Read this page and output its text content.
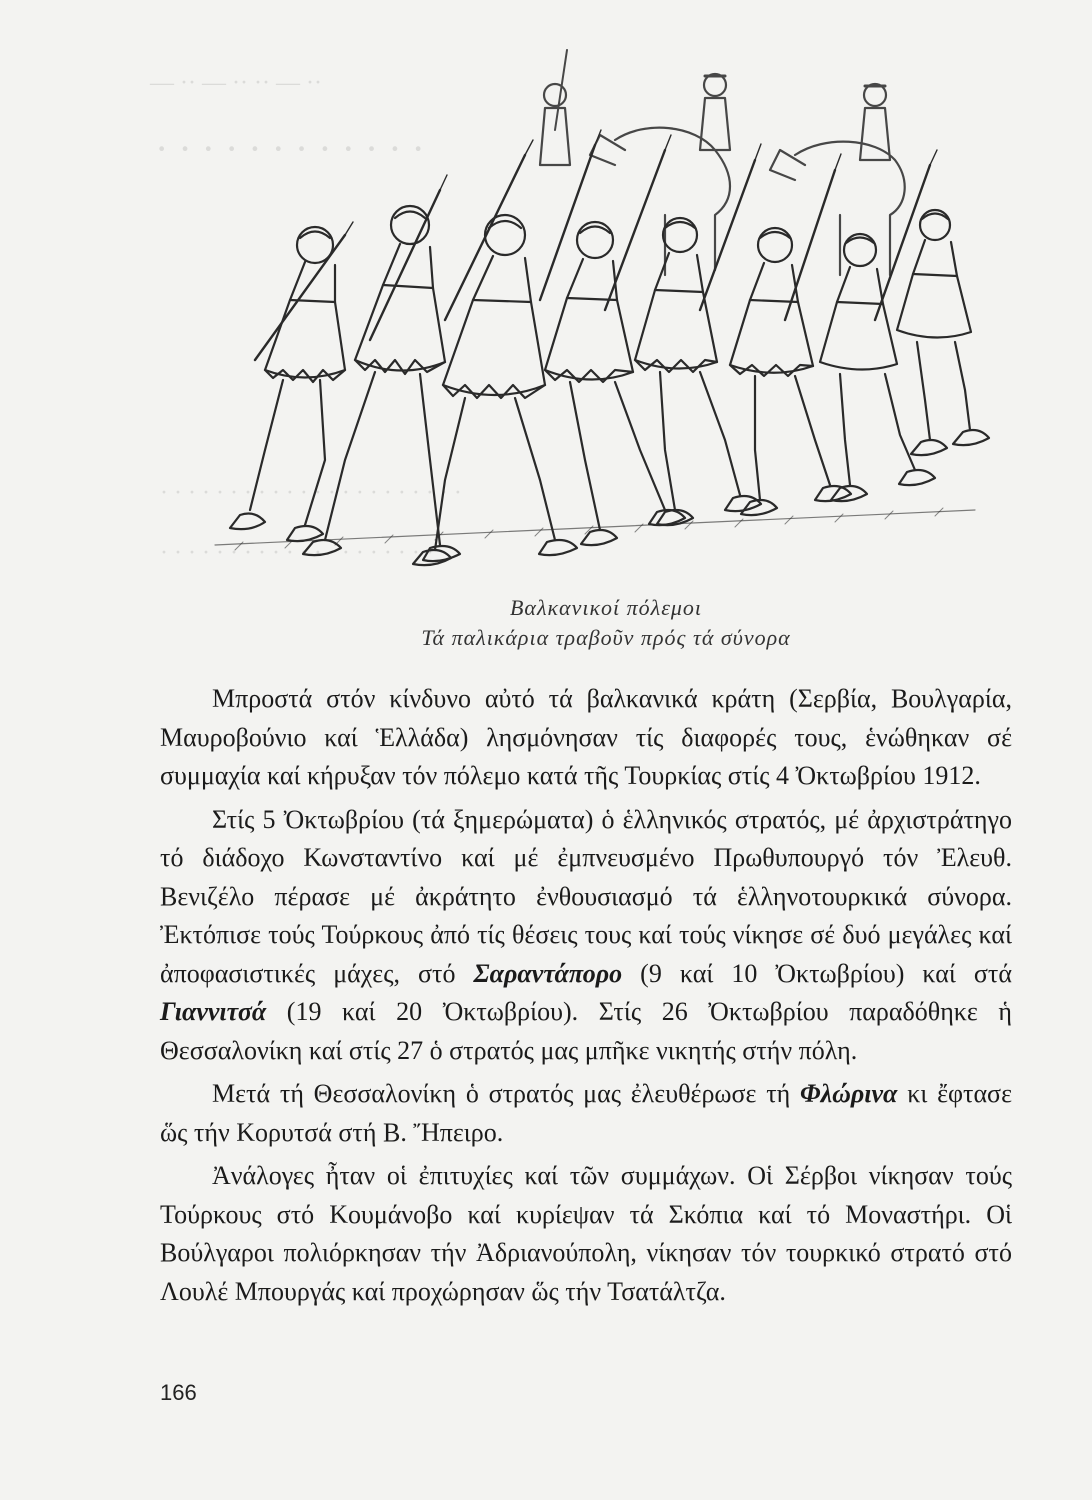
— ·· — ·· ·· — ··
· · · · · · · · · · · ·
· · · · · · · · · · · · · · · · · · · · · ·
· · · · · · · · · · · · · · · · · · · · · ·
Βαλκανικοί πόλεμοι
Τά παλικάρια τραβοῦν πρός τά σύνορα

Μπροστά στόν κίνδυνο αὐτό τά βαλκανικά κράτη (Σερβία, Βουλγαρία, Μαυροβούνιο καί Ἑλλάδα) λησμόνησαν τίς διαφορές τους, ἑνώθηκαν σέ συμμαχία καί κήρυξαν τόν πόλεμο κατά τῆς Τουρκίας στίς 4 Ὀκτωβρίου 1912.

Στίς 5 Ὀκτωβρίου (τά ξημερώματα) ὁ ἑλληνικός στρατός, μέ ἀρχιστράτηγο τό διάδοχο Κωνσταντίνο καί μέ ἐμπνευσμένο Πρωθυπουργό τόν Ἐλευθ. Βενιζέλο πέρασε μέ ἀκράτητο ἐνθουσιασμό τά ἑλληνοτουρκικά σύνορα. Ἐκτόπισε τούς Τούρκους ἀπό τίς θέσεις τους καί τούς νίκησε σέ δυό μεγάλες καί ἀποφασιστικές μάχες, στό Σαραντάπορο (9 καί 10 Ὀκτωβρίου) καί στά Γιαννιτσά (19 καί 20 Ὀκτωβρίου). Στίς 26 Ὀκτωβρίου παραδόθηκε ἡ Θεσσαλονίκη καί στίς 27 ὁ στρατός μας μπῆκε νικητής στήν πόλη.

Μετά τή Θεσσαλονίκη ὁ στρατός μας ἐλευθέρωσε τή Φλώρινα κι ἔφτασε ὥς τήν Κορυτσά στή Β. Ἤπειρο.

Ἀνάλογες ἦταν οἱ ἐπιτυχίες καί τῶν συμμάχων. Οἱ Σέρβοι νίκησαν τούς Τούρκους στό Κουμάνοβο καί κυρίεψαν τά Σκόπια καί τό Μοναστήρι. Οἱ Βούλγαροι πολιόρκησαν τήν Ἀδριανούπολη, νίκησαν τόν τουρκικό στρατό στό Λουλέ Μπουργάς καί προχώρησαν ὥς τήν Τσατάλτζα.

166
